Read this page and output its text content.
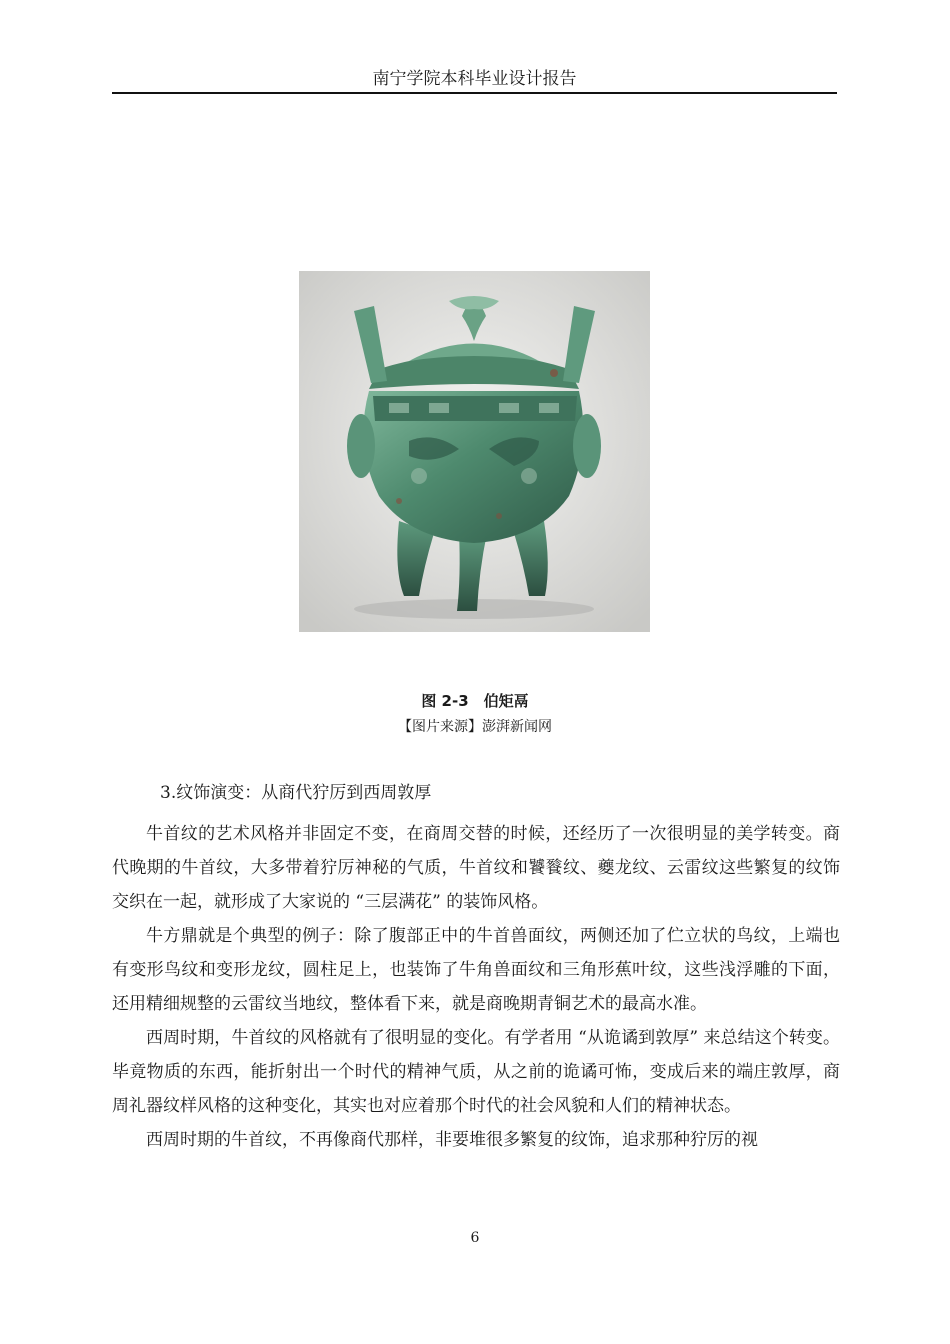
南宁学院本科毕业设计报告
图 2-3　伯矩鬲
【图片来源】澎湃新闻网
3.纹饰演变：从商代狞厉到西周敦厚

牛首纹的艺术风格并非固定不变，在商周交替的时候，还经历了一次很明显的美学转变。商代晚期的牛首纹，大多带着狞厉神秘的气质，牛首纹和饕餮纹、夔龙纹、云雷纹这些繁复的纹饰交织在一起，就形成了大家说的 “三层满花” 的装饰风格。

牛方鼎就是个典型的例子：除了腹部正中的牛首兽面纹，两侧还加了伫立状的鸟纹，上端也有变形鸟纹和变形龙纹，圆柱足上，也装饰了牛角兽面纹和三角形蕉叶纹，这些浅浮雕的下面，还用精细规整的云雷纹当地纹，整体看下来，就是商晚期青铜艺术的最高水准。

西周时期，牛首纹的风格就有了很明显的变化。有学者用 “从诡谲到敦厚” 来总结这个转变。毕竟物质的东西，能折射出一个时代的精神气质，从之前的诡谲可怖，变成后来的端庄敦厚，商周礼器纹样风格的这种变化，其实也对应着那个时代的社会风貌和人们的精神状态。

西周时期的牛首纹，不再像商代那样，非要堆很多繁复的纹饰，追求那种狞厉的视

6
